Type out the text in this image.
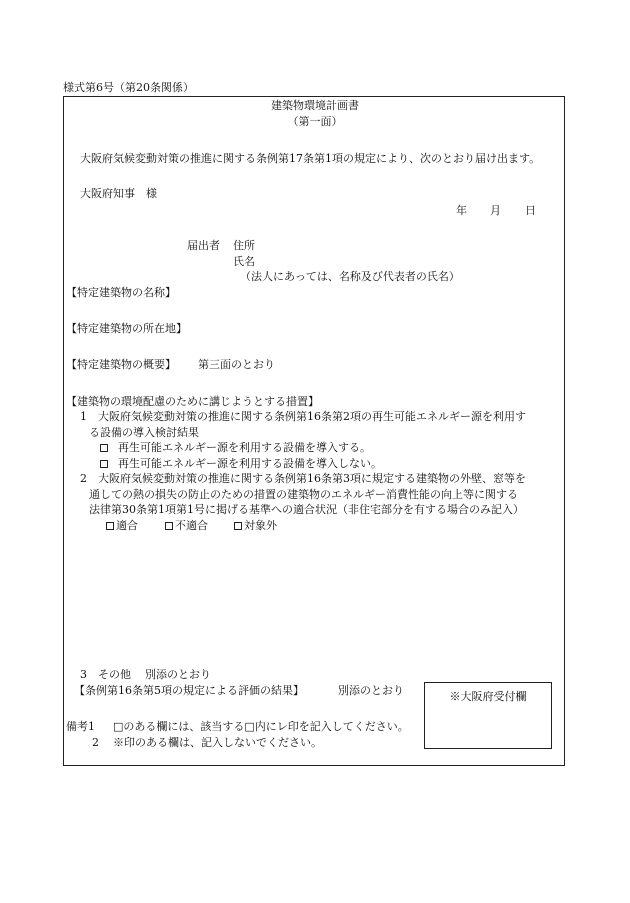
様式第6号（第20条関係）
建築物環境計画書
（第一面）
大阪府気候変動対策の推進に関する条例第17条第1項の規定により、次のとおり届け出ます。
大阪府知事　様
年 月 日
届出者 住所
氏名
（法人にあっては、名称及び代表者の氏名）
【特定建築物の名称】
【特定建築物の所在地】
【特定建築物の概要】 第三面のとおり
【建築物の環境配慮のために講じようとする措置】
1　大阪府気候変動対策の推進に関する条例第16条第2項の再生可能エネルギー源を利用す
る設備の導入検討結果
再生可能エネルギー源を利用する設備を導入する。
再生可能エネルギー源を利用する設備を導入しない。
2　大阪府気候変動対策の推進に関する条例第16条第3項に規定する建築物の外壁、窓等を
通しての熱の損失の防止のための措置の建築物のエネルギー消費性能の向上等に関する
法律第30条第1項第1号に掲げる基準への適合状況（非住宅部分を有する場合のみ記入）
適合	不適合	対象外
3　その他 別添のとおり
【条例第16条第5項の規定による評価の結果】	別添のとおり	※大阪府受付欄
備考1 □のある欄には、該当する□内にレ印を記入してください。
2 ※印のある欄は、記入しないでください。
